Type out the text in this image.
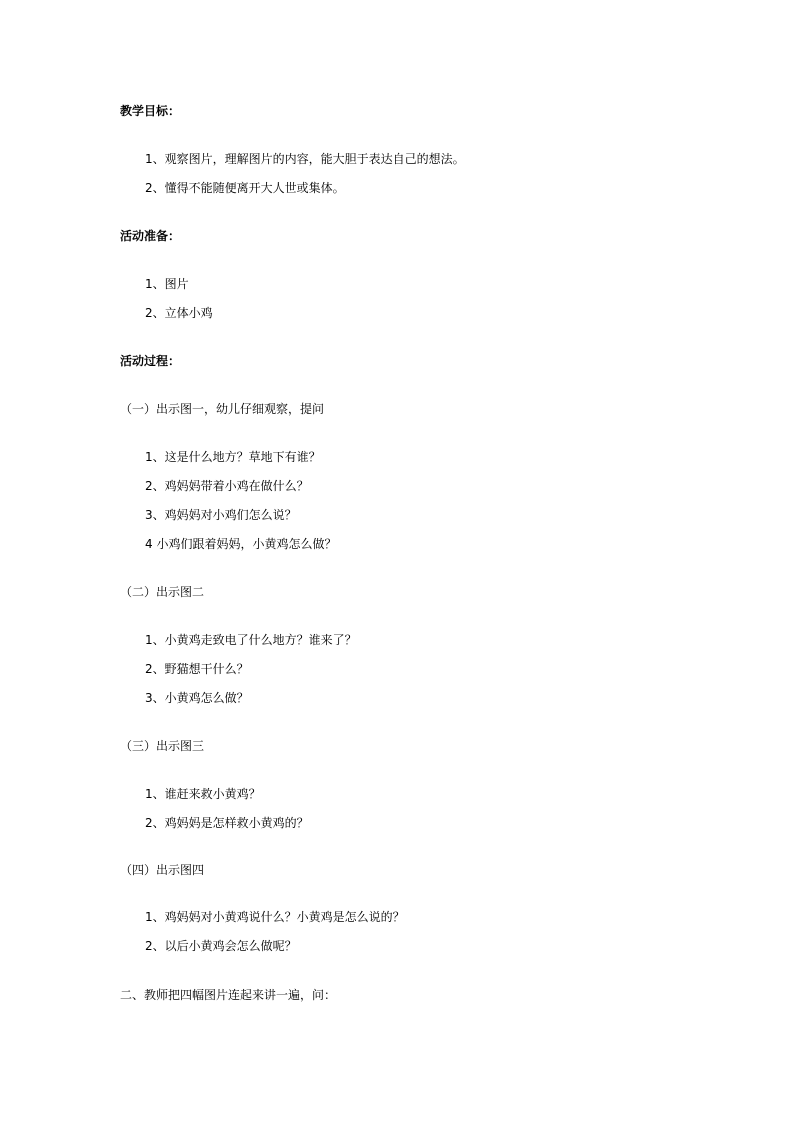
教学目标：
1、观察图片，理解图片的内容，能大胆于表达自己的想法。
2、懂得不能随便离开大人世或集体。
活动准备：
1、图片
2、立体小鸡
活动过程：
（一）出示图一，幼儿仔细观察，提问
1、这是什么地方？草地下有谁？
2、鸡妈妈带着小鸡在做什么？
3、鸡妈妈对小鸡们怎么说？
4 小鸡们跟着妈妈，小黄鸡怎么做？
（二）出示图二
1、小黄鸡走致电了什么地方？谁来了？
2、野猫想干什么？
3、小黄鸡怎么做？
（三）出示图三
1、谁赶来救小黄鸡？
2、鸡妈妈是怎样救小黄鸡的？
（四）出示图四
1、鸡妈妈对小黄鸡说什么？小黄鸡是怎么说的？
2、以后小黄鸡会怎么做呢？
二、教师把四幅图片连起来讲一遍，问：
